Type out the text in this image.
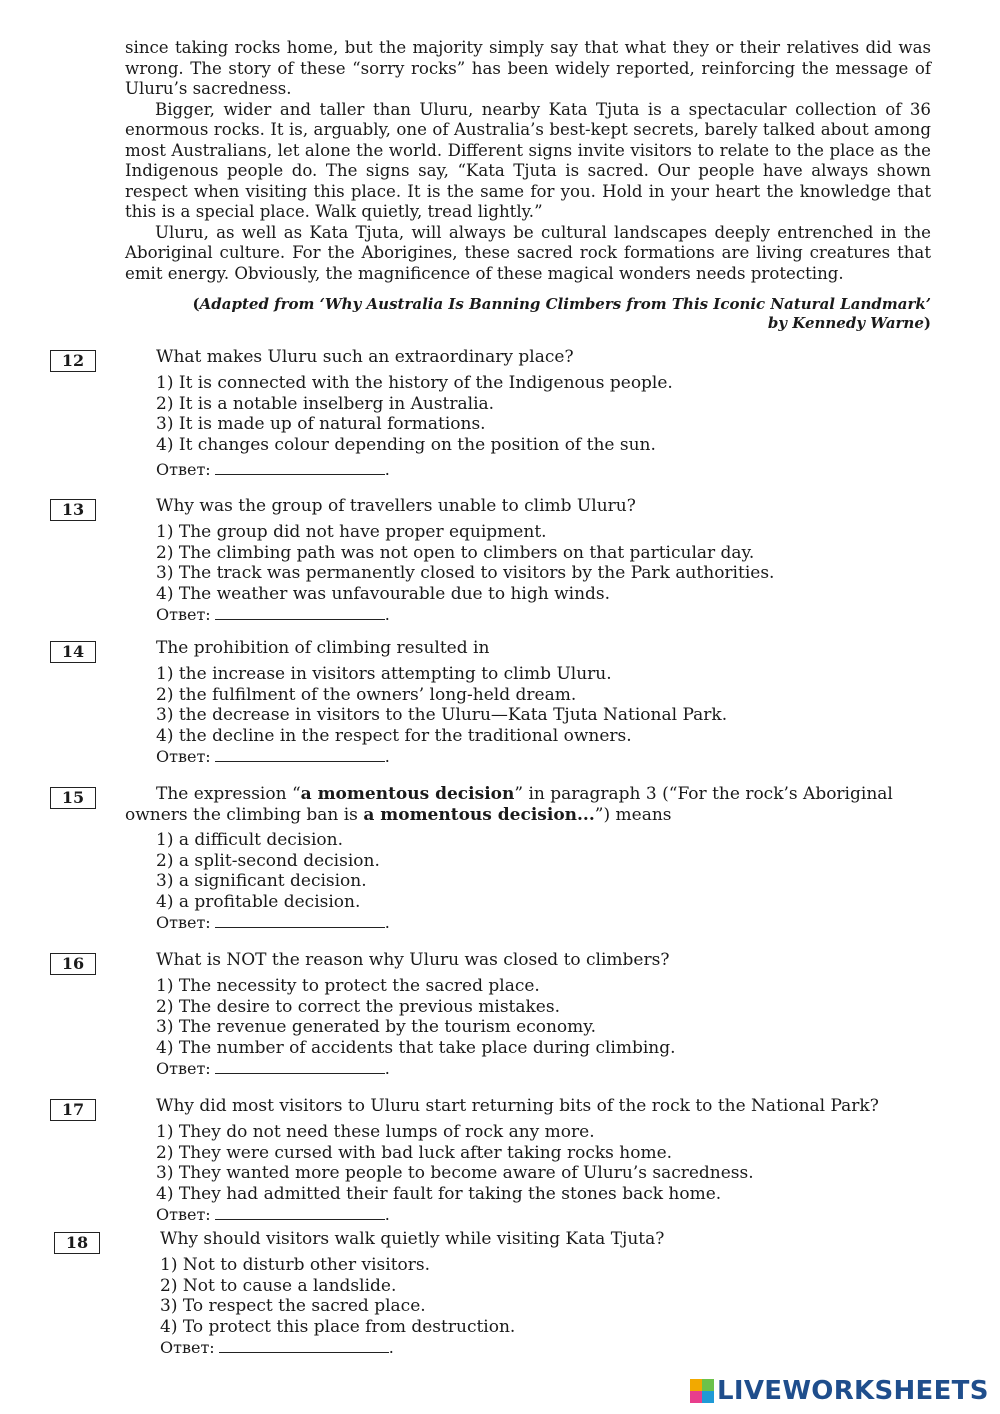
since taking rocks home, but the majority simply say that what they or their relatives did was wrong. The story of these “sorry rocks” has been widely reported, reinforcing the message of Uluru’s sacredness.

Bigger, wider and taller than Uluru, nearby Kata Tjuta is a spectacular collection of 36 enormous rocks. It is, arguably, one of Australia’s best-kept secrets, barely talked about among most Australians, let alone the world. Different signs invite visitors to relate to the place as the Indigenous people do. The signs say, “Kata Tjuta is sacred. Our people have always shown respect when visiting this place. It is the same for you. Hold in your heart the knowledge that this is a special place. Walk quietly, tread lightly.”

Uluru, as well as Kata Tjuta, will always be cultural landscapes deeply entrenched in the Aboriginal culture. For the Aborigines, these sacred rock formations are living creatures that emit energy. Obviously, the magnificence of these magical wonders needs protecting.

(Adapted from ‘Why Australia Is Banning Climbers from This Iconic Natural Landmark’
by Kennedy Warne)
12	What makes Uluru such an extraordinary place?
1) It is connected with the history of the Indigenous people.
2) It is a notable inselberg in Australia.
3) It is made up of natural formations.
4) It changes colour depending on the position of the sun.
Ответ:	.
13	Why was the group of travellers unable to climb Uluru?
1) The group did not have proper equipment.
2) The climbing path was not open to climbers on that particular day.
3) The track was permanently closed to visitors by the Park authorities.
4) The weather was unfavourable due to high winds.
Ответ:	.
14	The prohibition of climbing resulted in
1) the increase in visitors attempting to climb Uluru.
2) the fulfilment of the owners’ long-held dream.
3) the decrease in visitors to the Uluru—Kata Tjuta National Park.
4) the decline in the respect for the traditional owners.
Ответ:	.
15	The expression “a momentous decision” in paragraph 3 (“For the rock’s Aboriginal owners the climbing ban is a momentous decision...”) means
1) a difficult decision.
2) a split-second decision.
3) a significant decision.
4) a profitable decision.
Ответ:	.
16	What is NOT the reason why Uluru was closed to climbers?
1) The necessity to protect the sacred place.
2) The desire to correct the previous mistakes.
3) The revenue generated by the tourism economy.
4) The number of accidents that take place during climbing.
Ответ:	.
17	Why did most visitors to Uluru start returning bits of the rock to the National Park?
1) They do not need these lumps of rock any more.
2) They were cursed with bad luck after taking rocks home.
3) They wanted more people to become aware of Uluru’s sacredness.
4) They had admitted their fault for taking the stones back home.
Ответ:	.
18	Why should visitors walk quietly while visiting Kata Tjuta?
1) Not to disturb other visitors.
2) Not to cause a landslide.
3) To respect the sacred place.
4) To protect this place from destruction.
Ответ:	.
LIVEWORKSHEETS
